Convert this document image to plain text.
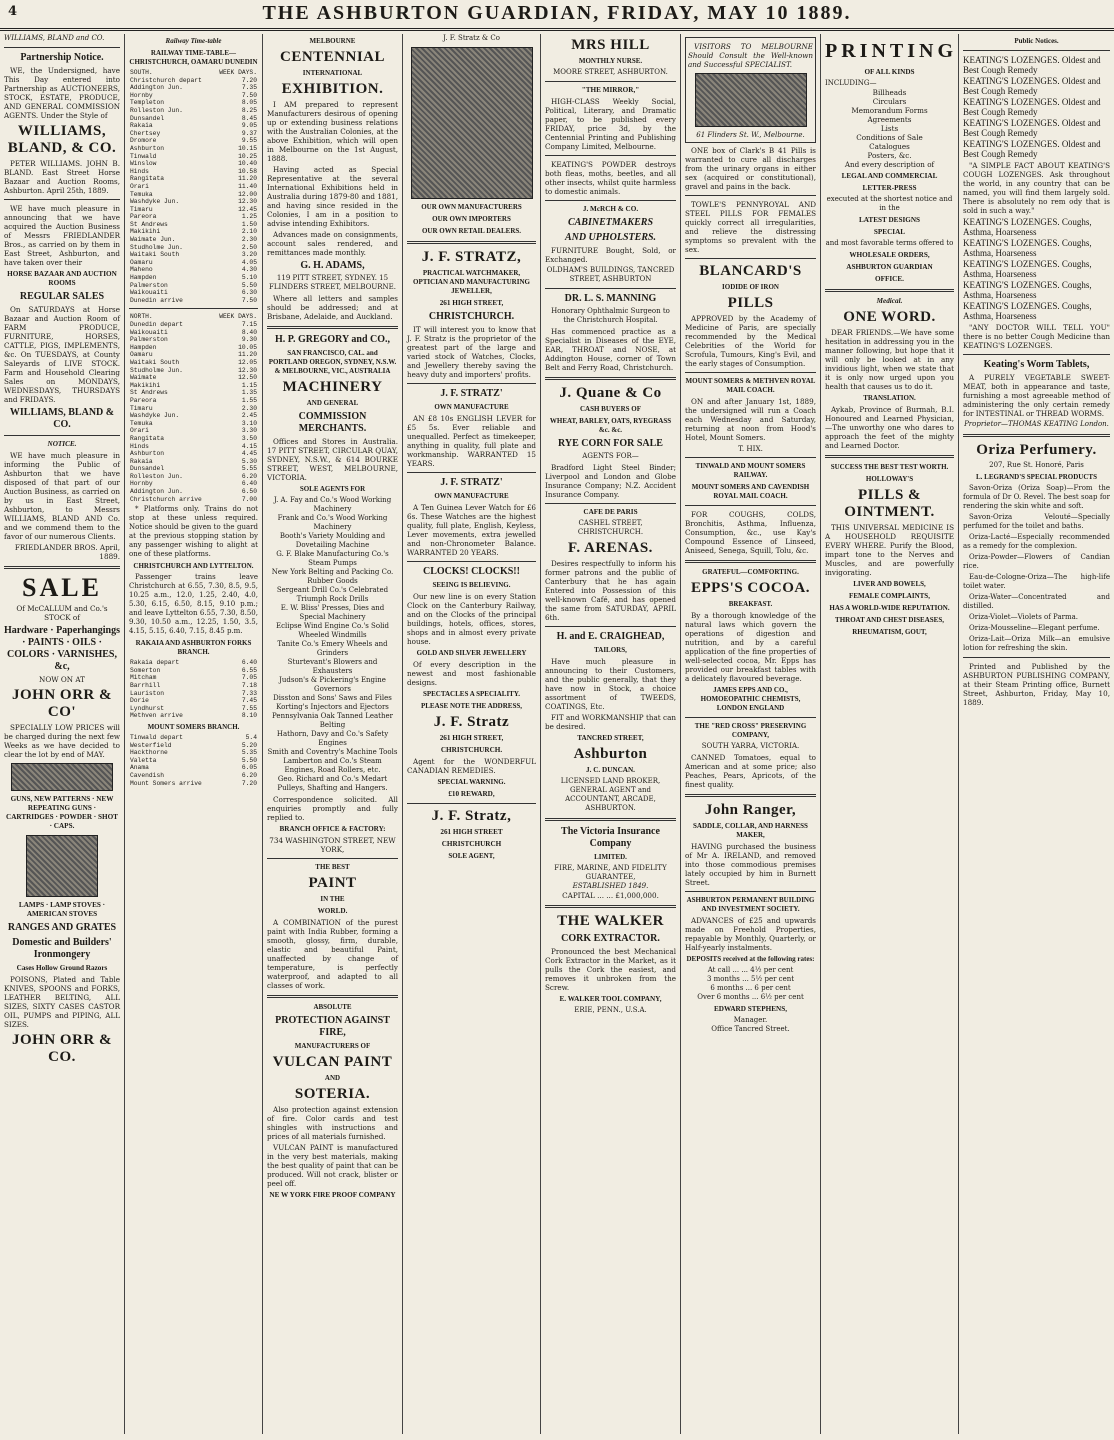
4	THE ASHBURTON GUARDIAN, FRIDAY, MAY 10 1889.
WILLIAMS, BLAND and CO.
Partnership Notice.
WE, the Undersigned, have This Day entered into Partnership as AUCTIONEERS, STOCK, ESTATE, PRODUCE, AND GENERAL COMMISSION AGENTS. Under the Style of
WILLIAMS, BLAND, & CO.
PETER WILLIAMS. JOHN B. BLAND. East Street Horse Bazaar and Auction Rooms, Ashburton. April 25th, 1889.
WE have much pleasure in announcing that we have acquired the Auction Business of Messrs FRIEDLANDER Bros., as carried on by them in East Street, Ashburton, and have taken over their
HORSE BAZAAR AND AUCTION ROOMS
REGULAR SALES
On SATURDAYS at Horse Bazaar and Auction Room of FARM PRODUCE, FURNITURE, HORSES, CATTLE, PIGS, IMPLEMENTS, &c. On TUESDAYS, at County Saleyards of LIVE STOCK. Farm and Household Clearing Sales on MONDAYS, WEDNESDAYS, THURSDAYS and FRIDAYS.
WILLIAMS, BLAND & CO.
NOTICE.
WE have much pleasure in informing the Public of Ashburton that we have disposed of that part of our Auction Business, as carried on by us in East Street, Ashburton, to Messrs WILLIAMS, BLAND AND Co. and we commend them to the favor of our numerous Clients.
FRIEDLANDER BROS. April, 1889.
SALE
Of McCALLUM and Co.'s STOCK of
Hardware · Paperhangings · PAINTS · OILS · COLORS · VARNISHES, &c,
NOW ON AT
JOHN ORR & CO'
SPECIALLY LOW PRICES will be charged during the next few Weeks as we have decided to clear the lot by end of MAY.
GUNS, NEW PATTERNS · NEW REPEATING GUNS · CARTRIDGES · POWDER · SHOT · CAPS.
LAMPS · LAMP STOVES · AMERICAN STOVES
RANGES AND GRATES
Domestic and Builders' Ironmongery
Cases Hollow Ground Razors
POISONS, Plated and Table KNIVES, SPOONS and FORKS, LEATHER BELTING, ALL SIZES, SIXTY CASES CASTOR OIL, PUMPS and PIPING, ALL SIZES.
JOHN ORR & CO.
Railway Time-table
RAILWAY TIME-TABLE—CHRISTCHURCH, OAMARU DUNEDIN
SOUTH.	WEEK DAYS.
Christchurch depart	7.20
Addington Jun.	7.35
Hornby	7.50
Templeton	8.05
Rolleston Jun.	8.25
Dunsandel	8.45
Rakaia	9.05
Chertsey	9.37
Dromore	9.55
Ashburton	10.15
Tinwald	10.25
Winslow	10.40
Hinds	10.58
Rangitata	11.20
Orari	11.40
Temuka	12.00
Washdyke Jun.	12.30
Timaru	12.45
Pareora	1.25
St Andrews	1.50
Makikihi	2.10
Waimate Jun.	2.30
Studholme Jun.	2.50
Waitaki South	3.20
Oamaru	4.05
Maheno	4.30
Hampden	5.10
Palmerston	5.50
Waikouaiti	6.30
Dunedin arrive	7.50
NORTH.	WEEK DAYS.
Dunedin depart	7.15
Waikouaiti	8.40
Palmerston	9.30
Hampden	10.05
Oamaru	11.20
Waitaki South	12.05
Studholme Jun.	12.30
Waimate	12.50
Makikihi	1.15
St Andrews	1.35
Pareora	1.55
Timaru	2.30
Washdyke Jun.	2.45
Temuka	3.10
Orari	3.30
Rangitata	3.50
Hinds	4.15
Ashburton	4.45
Rakaia	5.30
Dunsandel	5.55
Rolleston Jun.	6.20
Hornby	6.40
Addington Jun.	6.50
Christchurch arrive	7.00
* Platforms only. Trains do not stop at these unless required. Notice should be given to the guard at the previous stopping station by any passenger wishing to alight at one of these platforms.
CHRISTCHURCH AND LYTTELTON.
Passenger trains leave Christchurch at 6.55, 7.30, 8.5, 9.5, 10.25 a.m., 12.0, 1.25, 2.40, 4.0, 5.30, 6.15, 6.50, 8.15, 9.10 p.m.; and leave Lyttelton 6.55, 7.30, 8.50, 9.30, 10.50 a.m., 12.25, 1.50, 3.5, 4.15, 5.15, 6.40, 7.15, 8.45 p.m.
RAKAIA AND ASHBURTON FORKS BRANCH.
Rakaia depart	6.40
Somerton	6.55
Mitcham	7.05
Barrhill	7.18
Lauriston	7.33
Dorie	7.45
Lyndhurst	7.55
Methven arrive	8.10
MOUNT SOMERS BRANCH.
Tinwald depart	5.4
Westerfield	5.20
Hackthorne	5.35
Valetta	5.50
Anama	6.05
Cavendish	6.20
Mount Somers arrive	7.20
MELBOURNE
CENTENNIAL
INTERNATIONAL
EXHIBITION.
I AM prepared to represent Manufacturers desirous of opening up or extending business relations with the Australian Colonies, at the above Exhibition, which will open in Melbourne on the 1st August, 1888.
Having acted as Special Representative at the several International Exhibitions held in Australia during 1879-80 and 1881, and having since resided in the Colonies, I am in a position to advise intending Exhibitors.
Advances made on consignments, account sales rendered, and remittances made monthly.
G. H. ADAMS,
119 PITT STREET, SYDNEY. 15 FLINDERS STREET, MELBOURNE.
Where all letters and samples should be addressed; and at Brisbane, Adelaide, and Auckland.
H. P. GREGORY and CO.,
SAN FRANCISCO, CAL. and PORTLAND OREGON, SYDNEY, N.S.W. & MELBOURNE, VIC., AUSTRALIA
MACHINERY
AND GENERAL
COMMISSION MERCHANTS.
Offices and Stores in Australia. 17 PITT STREET, CIRCULAR QUAY, SYDNEY, N.S.W., & 614 BOURKE STREET, WEST, MELBOURNE, VICTORIA.
SOLE AGENTS FOR
J. A. Fay and Co.'s Wood Working Machinery
Frank and Co.'s Wood Working Machinery
Booth's Variety Moulding and Dovetailing Machine
G. F. Blake Manufacturing Co.'s Steam Pumps
New York Belting and Packing Co. Rubber Goods
Sergeant Drill Co.'s Celebrated Triumph Rock Drills
E. W. Bliss' Presses, Dies and Special Machinery
Eclipse Wind Engine Co.'s Solid Wheeled Windmills
Tanite Co.'s Emery Wheels and Grinders
Sturtevant's Blowers and Exhausters
Judson's & Pickering's Engine Governors
Disston and Sons' Saws and Files
Korting's Injectors and Ejectors
Pennsylvania Oak Tanned Leather Belting
Hathorn, Davy and Co.'s Safety Engines
Smith and Coventry's Machine Tools
Lamberton and Co.'s Steam Engines, Road Rollers, etc.
Geo. Richard and Co.'s Medart Pulleys, Shafting and Hangers.
Correspondence solicited. All enquiries promptly and fully replied to.
BRANCH OFFICE & FACTORY:
734 WASHINGTON STREET, NEW YORK,
THE BEST
PAINT
IN THE
WORLD.
A COMBINATION of the purest paint with India Rubber, forming a smooth, glossy, firm, durable, elastic and beautiful Paint, unaffected by change of temperature, is perfectly waterproof, and adapted to all classes of work.
ABSOLUTE
PROTECTION AGAINST FIRE,
MANUFACTURERS OF
VULCAN PAINT
AND
SOTERIA.
Also protection against extension of fire. Color cards and test shingles with instructions and prices of all materials furnished.
VULCAN PAINT is manufactured in the very best materials, making the best quality of paint that can be produced. Will not crack, blister or peel off.
NE W YORK FIRE PROOF COMPANY
J. F. Stratz & Co
OUR OWN MANUFACTURERS
OUR OWN IMPORTERS
OUR OWN RETAIL DEALERS.
J. F. STRATZ,
PRACTICAL WATCHMAKER, OPTICIAN AND MANUFACTURING JEWELLER,
261 HIGH STREET,
CHRISTCHURCH.
IT will interest you to know that J. F. Stratz is the proprietor of the greatest part of the large and varied stock of Watches, Clocks, and Jewellery thereby saving the heavy duty and importers' profits.
J. F. STRATZ'
OWN MANUFACTURE
AN £8 10s ENGLISH LEVER for £5 5s. Ever reliable and unequalled. Perfect as timekeeper, anything in quality, full plate and workmanship. WARRANTED 15 YEARS.
J. F. STRATZ'
OWN MANUFACTURE
A Ten Guinea Lever Watch for £6 6s. These Watches are the highest quality, full plate, English, Keyless, Lever movements, extra jewelled and non-Chronometer Balance. WARRANTED 20 YEARS.
CLOCKS! CLOCKS!!
SEEING IS BELIEVING.
Our new line is on every Station Clock on the Canterbury Railway, and on the Clocks of the principal buildings, hotels, offices, stores, shops and in almost every private house.
GOLD AND SILVER JEWELLERY
Of every description in the newest and most fashionable designs.
SPECTACLES A SPECIALITY.
PLEASE NOTE THE ADDRESS,
J. F. Stratz
261 HIGH STREET,
CHRISTCHURCH.
Agent for the WONDERFUL CANADIAN REMEDIES.
SPECIAL WARNING.
£10 REWARD,
J. F. Stratz,
261 HIGH STREET
CHRISTCHURCH
SOLE AGENT,
MRS HILL
MONTHLY NURSE.
MOORE STREET, ASHBURTON.
"THE MIRROR,"
HIGH-CLASS Weekly Social, Political, Literary, and Dramatic paper, to be published every FRIDAY, price 3d, by the Centennial Printing and Publishing Company Limited, Melbourne.
KEATING'S POWDER destroys both fleas, moths, beetles, and all other insects, whilst quite harmless to domestic animals.
J. McRCH & CO.
CABINETMAKERS
AND UPHOLSTERS.
FURNITURE Bought, Sold, or Exchanged.
OLDHAM'S BUILDINGS, TANCRED STREET, ASHBURTON
DR. L. S. MANNING
Honorary Ophthalmic Surgeon to the Christchurch Hospital.
Has commenced practice as a Specialist in Diseases of the EYE, EAR, THROAT and NOSE, at Addington House, corner of Town Belt and Ferry Road, Christchurch.
J. Quane & Co
CASH BUYERS OF
WHEAT, BARLEY, OATS, RYEGRASS &c. &c.
RYE CORN FOR SALE
AGENTS FOR—
Bradford Light Steel Binder; Liverpool and London and Globe Insurance Company; N.Z. Accident Insurance Company.
CAFE DE PARIS
CASHEL STREET, CHRISTCHURCH.
F. ARENAS.
Desires respectfully to inform his former patrons and the public of Canterbury that he has again Entered into Possession of this well-known Café, and has opened the same from SATURDAY, APRIL 6th.
H. and E. CRAIGHEAD,
TAILORS,
Have much pleasure in announcing to their Customers, and the public generally, that they have now in Stock, a choice assortment of TWEEDS, COATINGS, Etc.
FIT and WORKMANSHIP that can be desired.
TANCRED STREET,
Ashburton
J. C. DUNCAN.
LICENSED LAND BROKER, GENERAL AGENT and ACCOUNTANT, ARCADE, ASHBURTON.
The Victoria Insurance Company
LIMITED.
FIRE, MARINE, AND FIDELITY GUARANTEE,
ESTABLISHED 1849.
CAPITAL ... ... £1,000,000.
THE WALKER
CORK EXTRACTOR.
Pronounced the best Mechanical Cork Extractor in the Market, as it pulls the Cork the easiest, and removes it unbroken from the Screw.
E. WALKER TOOL COMPANY,
ERIE, PENN., U.S.A.
VISITORS TO MELBOURNE Should Consult the Well-known and Successful SPECIALIST.
61 Flinders St. W., Melbourne.
ONE box of Clark's B 41 Pills is warranted to cure all discharges from the urinary organs in either sex (acquired or constitutional), gravel and pains in the back.
TOWLE'S PENNYROYAL AND STEEL PILLS FOR FEMALES quickly correct all irregularities, and relieve the distressing symptoms so prevalent with the sex.
BLANCARD'S
IODIDE OF IRON
PILLS
APPROVED by the Academy of Medicine of Paris, are specially recommended by the Medical Celebrities of the World for Scrofula, Tumours, King's Evil, and the early stages of Consumption.
MOUNT SOMERS & METHVEN ROYAL MAIL COACH.
ON and after January 1st, 1889, the undersigned will run a Coach each Wednesday and Saturday, returning at noon from Hood's Hotel, Mount Somers.
T. HIX.
TINWALD AND MOUNT SOMERS RAILWAY.
MOUNT SOMERS AND CAVENDISH ROYAL MAIL COACH.
FOR COUGHS, COLDS, Bronchitis, Asthma, Influenza, Consumption, &c., use Kay's Compound Essence of Linseed, Aniseed, Senega, Squill, Tolu, &c.
GRATEFUL—COMFORTING.
EPPS'S COCOA.
BREAKFAST.
By a thorough knowledge of the natural laws which govern the operations of digestion and nutrition, and by a careful application of the fine properties of well-selected cocoa, Mr. Epps has provided our breakfast tables with a delicately flavoured beverage.
JAMES EPPS AND CO., HOMOEOPATHIC CHEMISTS, LONDON ENGLAND
THE "RED CROSS" PRESERVING COMPANY,
SOUTH YARRA, VICTORIA.
CANNED Tomatoes, equal to American and at some price; also Peaches, Pears, Apricots, of the finest quality.
John Ranger,
SADDLE, COLLAR, AND HARNESS MAKER,
HAVING purchased the business of Mr A. IRELAND, and removed into those commodious premises lately occupied by him in Burnett Street.
ASHBURTON PERMANENT BUILDING AND INVESTMENT SOCIETY.
ADVANCES of £25 and upwards made on Freehold Properties, repayable by Monthly, Quarterly, or Half-yearly instalments.
DEPOSITS received at the following rates:
At call ... ... 4½ per cent
3 months ... 5½ per cent
6 months ... 6 per cent
Over 6 months ... 6½ per cent
EDWARD STEPHENS,
Manager.
Office Tancred Street.
PRINTING
OF ALL KINDS
INCLUDING—
Billheads
Circulars
Memorandum Forms
Agreements
Lists
Conditions of Sale
Catalogues
Posters, &c.
And every description of
LEGAL AND COMMERCIAL
LETTER-PRESS
executed at the shortest notice and in the
LATEST DESIGNS
SPECIAL
and most favorable terms offered to
WHOLESALE ORDERS,
ASHBURTON GUARDIAN
OFFICE.
Medical.
ONE WORD.
DEAR FRIENDS.—We have some hesitation in addressing you in the manner following, but hope that it will only be looked at in any invidious light, when we state that it is only now urged upon you health that causes us to do it.
TRANSLATION.
Aykab, Province of Burmah, B.I. Honoured and Learned Physician,—The unworthy one who dares to approach the feet of the mighty and Learned Doctor.
SUCCESS THE BEST TEST WORTH.
HOLLOWAY'S
PILLS & OINTMENT.
THIS UNIVERSAL MEDICINE IS A HOUSEHOLD REQUISITE EVERY WHERE. Purify the Blood, impart tone to the Nerves and Muscles, and are powerfully invigorating.
LIVER AND BOWELS,
FEMALE COMPLAINTS,
HAS A WORLD-WIDE REPUTATION.
THROAT AND CHEST DISEASES,
RHEUMATISM, GOUT,
Public Notices.
KEATING'S LOZENGES. Oldest and Best Cough Remedy
KEATING'S LOZENGES. Oldest and Best Cough Remedy
KEATING'S LOZENGES. Oldest and Best Cough Remedy
KEATING'S LOZENGES. Oldest and Best Cough Remedy
KEATING'S LOZENGES. Oldest and Best Cough Remedy
"A SIMPLE FACT ABOUT KEATING'S COUGH LOZENGES. Ask throughout the world, in any country that can be named, you will find them largely sold. There is absolutely no rem ody that is sold in such a way."
KEATING'S LOZENGES. Coughs, Asthma, Hoarseness
KEATING'S LOZENGES. Coughs, Asthma, Hoarseness
KEATING'S LOZENGES. Coughs, Asthma, Hoarseness
KEATING'S LOZENGES. Coughs, Asthma, Hoarseness
KEATING'S LOZENGES. Coughs, Asthma, Hoarseness
"ANY DOCTOR WILL TELL YOU" there is no better Cough Medicine than KEATING'S LOZENGES.
Keating's Worm Tablets,
A PURELY VEGETABLE SWEET-MEAT, both in appearance and taste, furnishing a most agreeable method of administering the only certain remedy for INTESTINAL or THREAD WORMS.
Proprietor—THOMAS KEATING London.
Oriza Perfumery.
207, Rue St. Honoré, Paris
L. LEGRAND'S SPECIAL PRODUCTS
Savon-Oriza (Oriza Soap)—From the formula of Dr O. Revel. The best soap for rendering the skin white and soft.
Savon-Oriza Velouté—Specially perfumed for the toilet and baths.
Oriza-Lacté—Especially recommended as a remedy for the complexion.
Oriza-Powder—Flowers of Candian rice.
Eau-de-Cologne-Oriza—The high-life toilet water.
Oriza-Water—Concentrated and distilled.
Oriza-Violet—Violets of Parma.
Oriza-Mousseline—Elegant perfume.
Oriza-Lait—Oriza Milk—an emulsive lotion for refreshing the skin.
Printed and Published by the ASHBURTON PUBLISHING COMPANY, at their Steam Printing office, Burnett Street, Ashburton, Friday, May 10, 1889.
